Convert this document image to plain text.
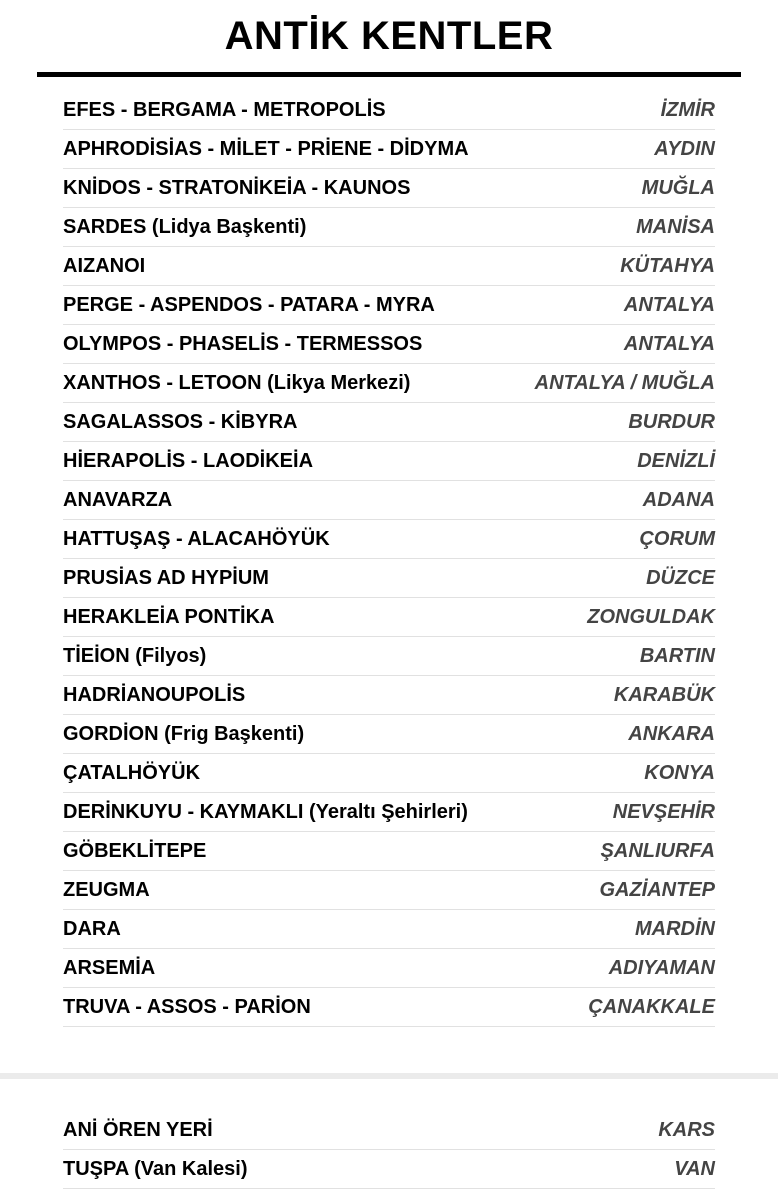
ANTİK KENTLER
EFES - BERGAMA - METROPOLİS	İZMİR
APHRODİSİAS - MİLET - PRİENE - DİDYMA	AYDIN
KNİDOS - STRATONİKEİA - KAUNOS	MUĞLA
SARDES (Lidya Başkenti)	MANİSA
AIZANOI	KÜTAHYA
PERGE - ASPENDOS - PATARA - MYRA	ANTALYA
OLYMPOS - PHASELİS - TERMESSOS	ANTALYA
XANTHOS - LETOON (Likya Merkezi)	ANTALYA / MUĞLA
SAGALASSOS - KİBYRA	BURDUR
HİERAPOLİS - LAODİKEİA	DENİZLİ
ANAVARZA	ADANA
HATTUŞAŞ - ALACAHÖYÜK	ÇORUM
PRUSİAS AD HYPİUM	DÜZCE
HERAKLEİA PONTİKA	ZONGULDAK
TİEİON (Filyos)	BARTIN
HADRİANOUPOLİS	KARABÜK
GORDİON (Frig Başkenti)	ANKARA
ÇATALHÖYÜK	KONYA
DERİNKUYU - KAYMAKLI (Yeraltı Şehirleri)	NEVŞEHİR
GÖBEKLİTEPE	ŞANLIURFA
ZEUGMA	GAZİANTEP
DARA	MARDİN
ARSEMİA	ADIYAMAN
TRUVA - ASSOS - PARİON	ÇANAKKALE
ANİ ÖREN YERİ	KARS
TUŞPA (Van Kalesi)	VAN
